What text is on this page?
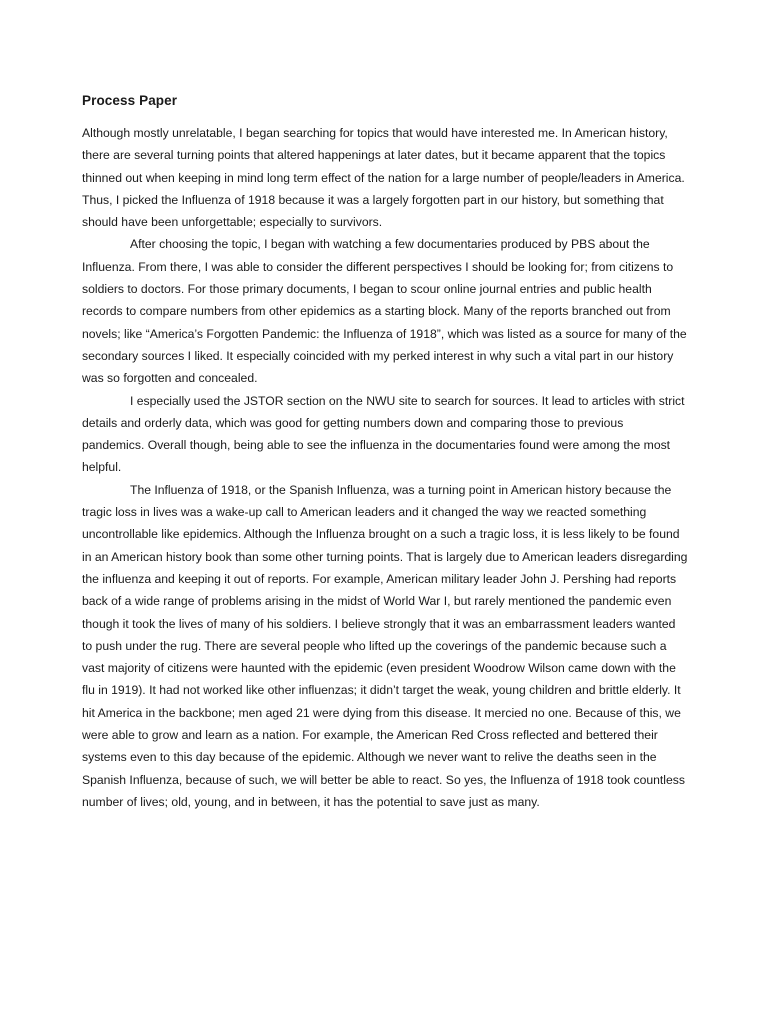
Process Paper

Although mostly unrelatable, I began searching for topics that would have interested me. In American history, there are several turning points that altered happenings at later dates, but it became apparent that the topics thinned out when keeping in mind long term effect of the nation for a large number of people/leaders in America. Thus, I picked the Influenza of 1918 because it was a largely forgotten part in our history, but something that should have been unforgettable; especially to survivors.

After choosing the topic, I began with watching a few documentaries produced by PBS about the Influenza. From there, I was able to consider the different perspectives I should be looking for; from citizens to soldiers to doctors. For those primary documents, I began to scour online journal entries and public health records to compare numbers from other epidemics as a starting block. Many of the reports branched out from novels; like “America’s Forgotten Pandemic: the Influenza of 1918”, which was listed as a source for many of the secondary sources I liked. It especially coincided with my perked interest in why such a vital part in our history was so forgotten and concealed.

I especially used the JSTOR section on the NWU site to search for sources. It lead to articles with strict details and orderly data, which was good for getting numbers down and comparing those to previous pandemics. Overall though, being able to see the influenza in the documentaries found were among the most helpful.

The Influenza of 1918, or the Spanish Influenza, was a turning point in American history because the tragic loss in lives was a wake-up call to American leaders and it changed the way we reacted something uncontrollable like epidemics. Although the Influenza brought on a such a tragic loss, it is less likely to be found in an American history book than some other turning points. That is largely due to American leaders disregarding the influenza and keeping it out of reports. For example, American military leader John J. Pershing had reports back of a wide range of problems arising in the midst of World War I, but rarely mentioned the pandemic even though it took the lives of many of his soldiers. I believe strongly that it was an embarrassment leaders wanted to push under the rug. There are several people who lifted up the coverings of the pandemic because such a vast majority of citizens were haunted with the epidemic (even president Woodrow Wilson came down with the flu in 1919). It had not worked like other influenzas; it didn’t target the weak, young children and brittle elderly. It hit America in the backbone; men aged 21 were dying from this disease. It mercied no one. Because of this, we were able to grow and learn as a nation. For example, the American Red Cross reflected and bettered their systems even to this day because of the epidemic. Although we never want to relive the deaths seen in the Spanish Influenza, because of such, we will better be able to react. So yes, the Influenza of 1918 took countless number of lives; old, young, and in between, it has the potential to save just as many.
